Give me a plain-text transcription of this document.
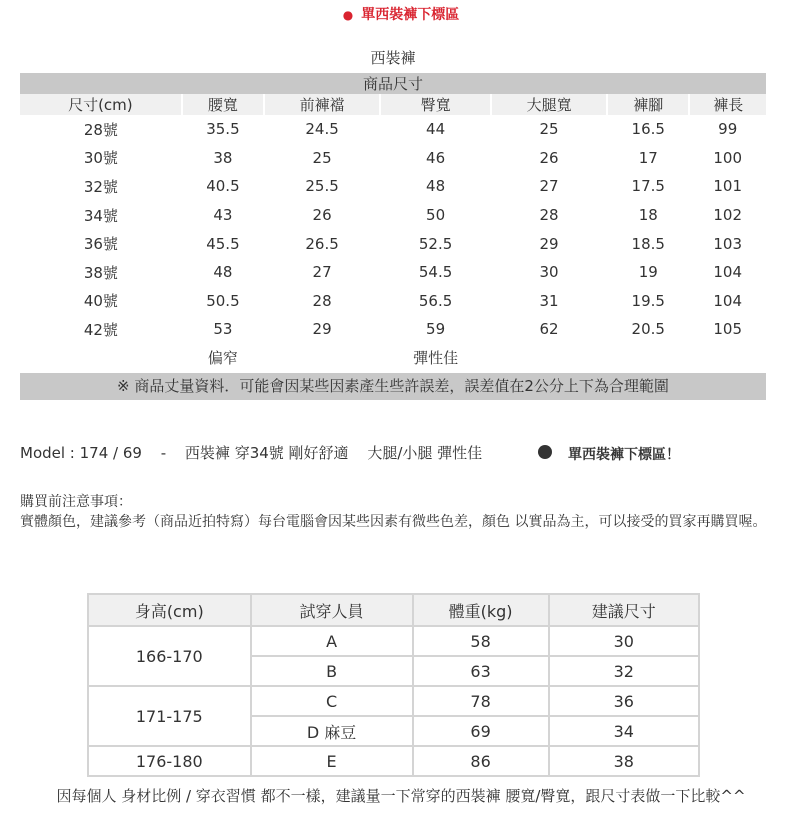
● 單西裝褲下標區
西裝褲
商品尺寸						
尺寸(cm)	腰寬	前褲襠	臀寬	大腿寬	褲腳	褲長
28號	35.5	24.5	44	25	16.5	99
30號	38	25	46	26	17	100
32號	40.5	25.5	48	27	17.5	101
34號	43	26	50	28	18	102
36號	45.5	26.5	52.5	29	18.5	103
38號	48	27	54.5	30	19	104
40號	50.5	28	56.5	31	19.5	104
42號	53	29	59	62	20.5	105
	偏窄		彈性佳			
※ 商品丈量資料．可能會因某些因素產生些許誤差，誤差值在2公分上下為合理範圍
Model : 174 / 69 - 西裝褲 穿34號 剛好舒適 大腿/小腿 彈性佳	單西裝褲下標區！
購買前注意事項：
實體顏色，建議參考（商品近拍特寫）每台電腦會因某些因素有微些色差，顏色 以實品為主，可以接受的買家再購買喔。
身高(cm)	試穿人員	體重(kg)	建議尺寸
166-170	A	58	30
	B	63	32
171-175	C	78	36
	D 麻豆	69	34
176-180	E	86	38
因每個人 身材比例 / 穿衣習慣 都不一樣，建議量一下常穿的西裝褲 腰寬/臀寬，跟尺寸表做一下比較^^
